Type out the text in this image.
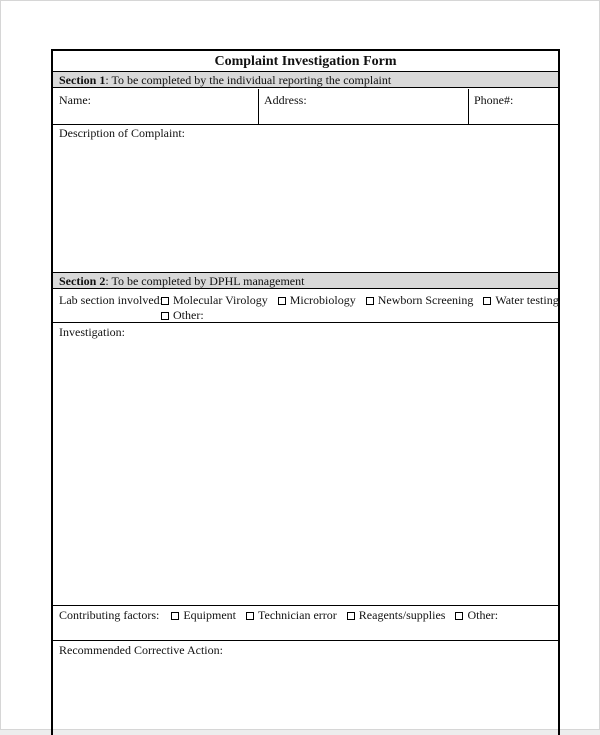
Complaint Investigation Form
Section 1: To be completed by the individual reporting the complaint
Name:	Address:	Phone#:
Description of Complaint:
Section 2: To be completed by DPHL management
Lab section involved: Molecular Virology Microbiology Newborn Screening Water testing
Other:
Investigation:
Contributing factors: Equipment Technician error Reagents/supplies Other:
Recommended Corrective Action:
